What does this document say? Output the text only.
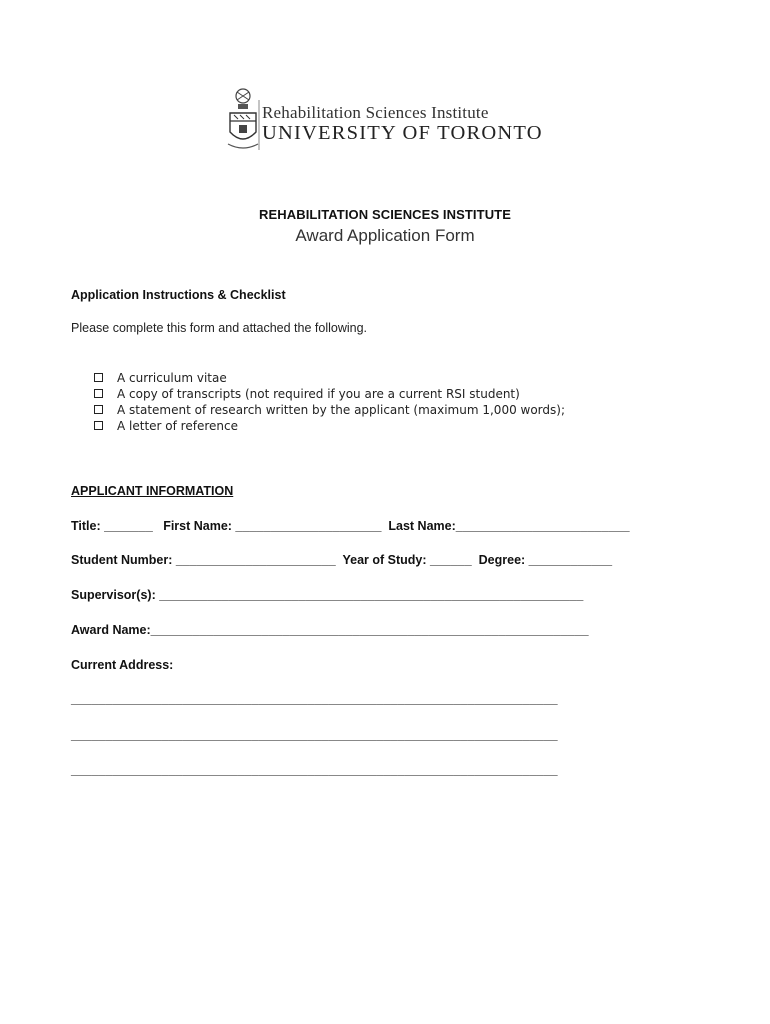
Rehabilitation Sciences Institute
UNIVERSITY OF TORONTO
REHABILITATION SCIENCES INSTITUTE
Award Application Form
Application Instructions & Checklist
Please complete this form and attached the following.
A curriculum vitae
A copy of transcripts (not required if you are a current RSI student)
A statement of research written by the applicant (maximum 1,000 words);
A letter of reference
APPLICANT INFORMATION
Title: _______   First Name: _____________________  Last Name:_________________________
Student Number: _______________________  Year of Study: ______  Degree: ____________
Supervisor(s): _____________________________________________________________
Award Name:_______________________________________________________________
Current Address:
______________________________________________________________________
______________________________________________________________________
______________________________________________________________________
